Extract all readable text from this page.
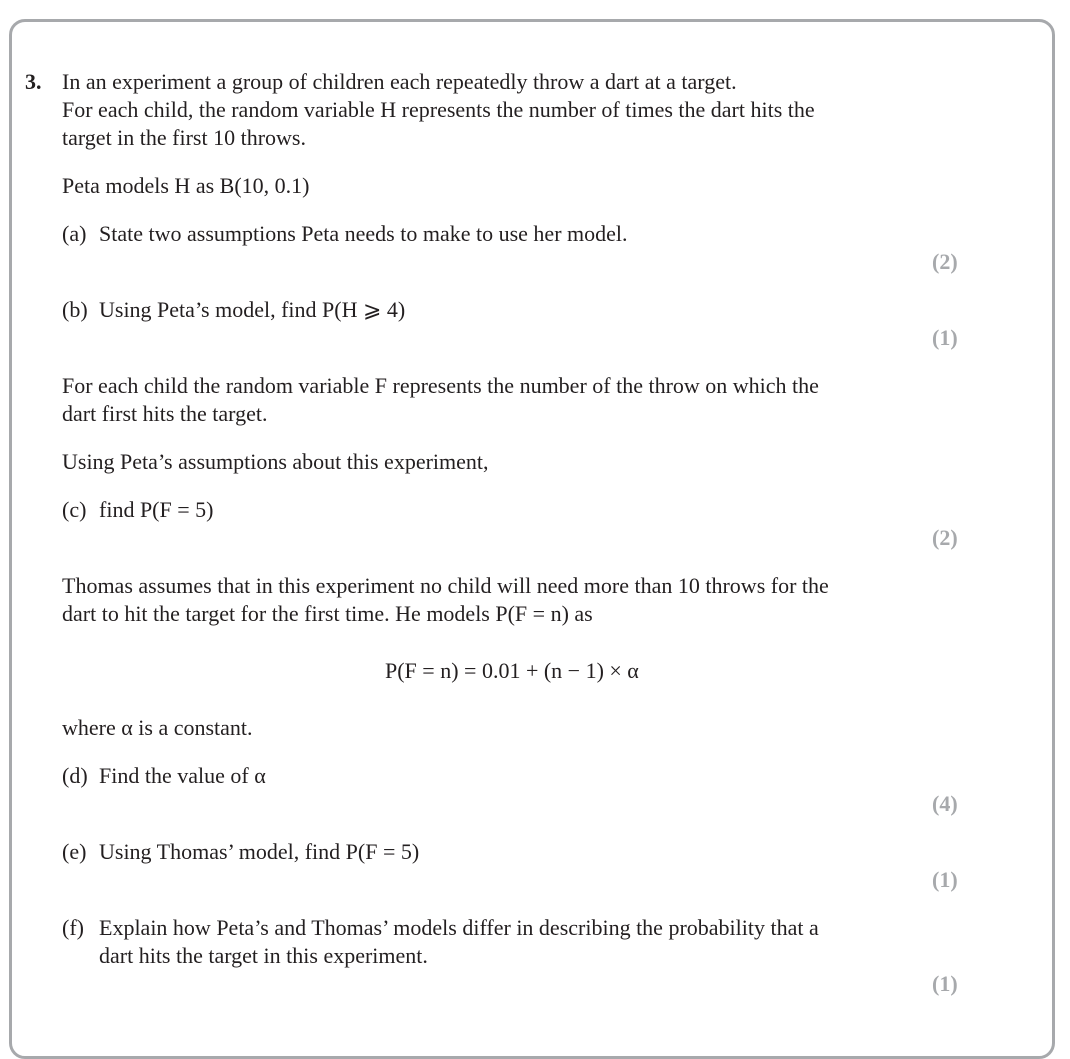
3. In an experiment a group of children each repeatedly throw a dart at a target.
For each child, the random variable H represents the number of times the dart hits the
target in the first 10 throws.
Peta models H as B(10, 0.1)
(a) State two assumptions Peta needs to make to use her model.
(2)
(b) Using Peta’s model, find P(H ⩾ 4)
(1)
For each child the random variable F represents the number of the throw on which the
dart first hits the target.
Using Peta’s assumptions about this experiment,
(c) find P(F = 5)
(2)
Thomas assumes that in this experiment no child will need more than 10 throws for the
dart to hit the target for the first time. He models P(F = n) as
P(F = n) = 0.01 + (n − 1) × α
where α is a constant.
(d) Find the value of α
(4)
(e) Using Thomas’ model, find P(F = 5)
(1)
(f) Explain how Peta’s and Thomas’ models differ in describing the probability that a
dart hits the target in this experiment.
(1)
